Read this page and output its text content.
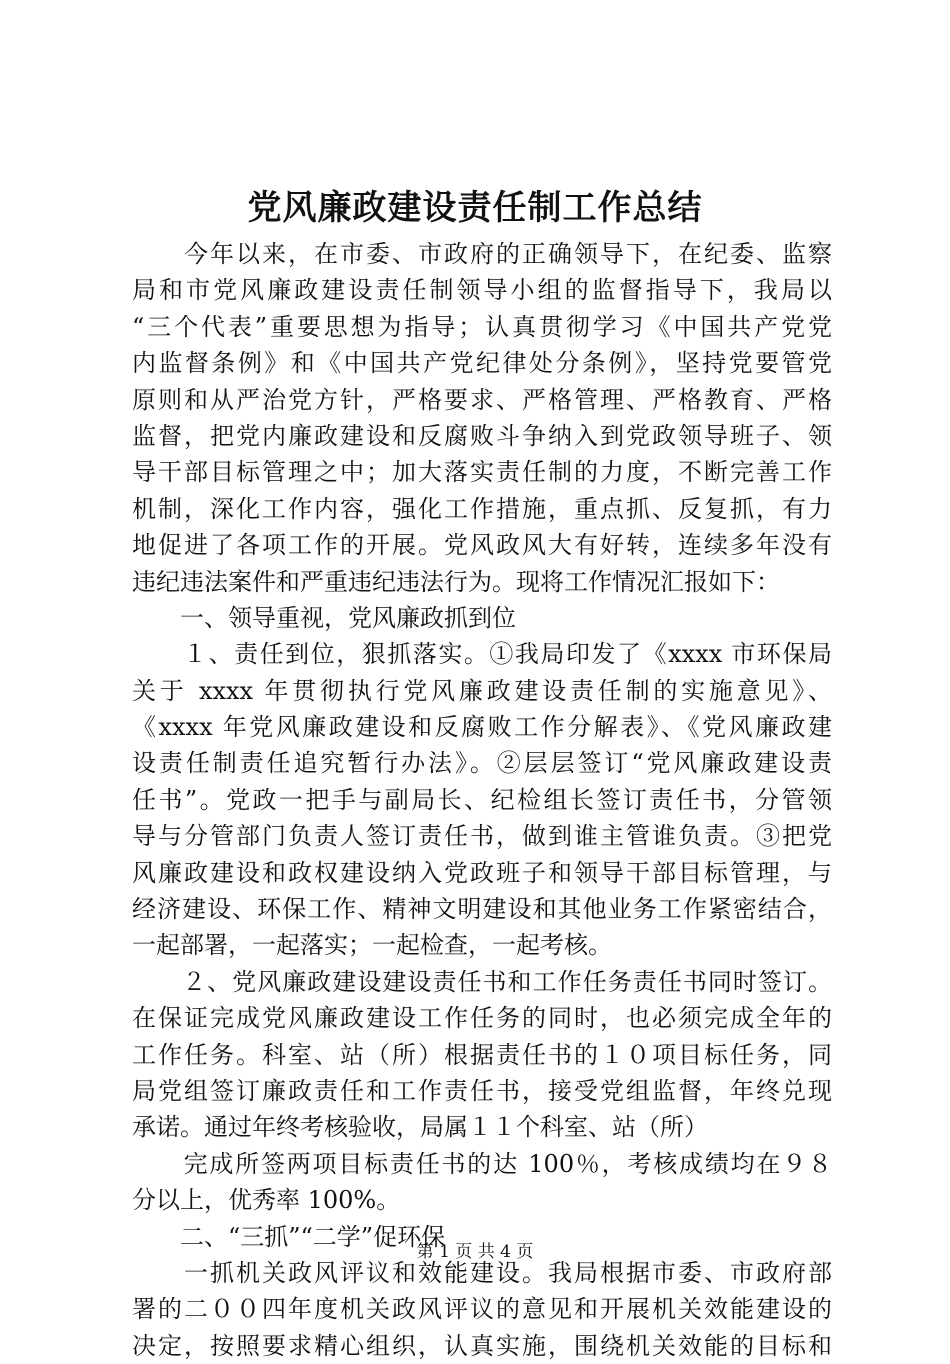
党风廉政建设责任制工作总结
　　今年以来，在市委、市政府的正确领导下，在纪委、监察
局和市党风廉政建设责任制领导小组的监督指导下，我局以
“三个代表”重要思想为指导；认真贯彻学习《中国共产党党
内监督条例》和《中国共产党纪律处分条例》，坚持党要管党
原则和从严治党方针，严格要求、严格管理、严格教育、严格
监督，把党内廉政建设和反腐败斗争纳入到党政领导班子、领
导干部目标管理之中；加大落实责任制的力度，不断完善工作
机制，深化工作内容，强化工作措施，重点抓、反复抓，有力
地促进了各项工作的开展。党风政风大有好转，连续多年没有
违纪违法案件和严重违纪违法行为。现将工作情况汇报如下：
　　一、领导重视，党风廉政抓到位
　　１、责任到位，狠抓落实。①我局印发了《xxxx 市环保局
关于 xxxx 年贯彻执行党风廉政建设责任制的实施意见》、
《xxxx 年党风廉政建设和反腐败工作分解表》、《党风廉政建
设责任制责任追究暂行办法》。②层层签订“党风廉政建设责
任书”。党政一把手与副局长、纪检组长签订责任书，分管领
导与分管部门负责人签订责任书，做到谁主管谁负责。③把党
风廉政建设和政权建设纳入党政班子和领导干部目标管理，与
经济建设、环保工作、精神文明建设和其他业务工作紧密结合，
一起部署，一起落实；一起检查，一起考核。
　　２、党风廉政建设建设责任书和工作任务责任书同时签订。
在保证完成党风廉政建设工作任务的同时，也必须完成全年的
工作任务。科室、站（所）根据责任书的１０项目标任务，同
局党组签订廉政责任和工作责任书，接受党组监督，年终兑现
承诺。通过年终考核验收，局属１１个科室、站（所）
　　完成所签两项目标责任书的达 100％，考核成绩均在９８
分以上，优秀率 100%。
　　二、“三抓”“二学”促环保
　　一抓机关政风评议和效能建设。我局根据市委、市政府部
署的二００四年度机关政风评议的意见和开展机关效能建设的
决定，按照要求精心组织，认真实施，围绕机关效能的目标和
第 1 页 共 4 页
